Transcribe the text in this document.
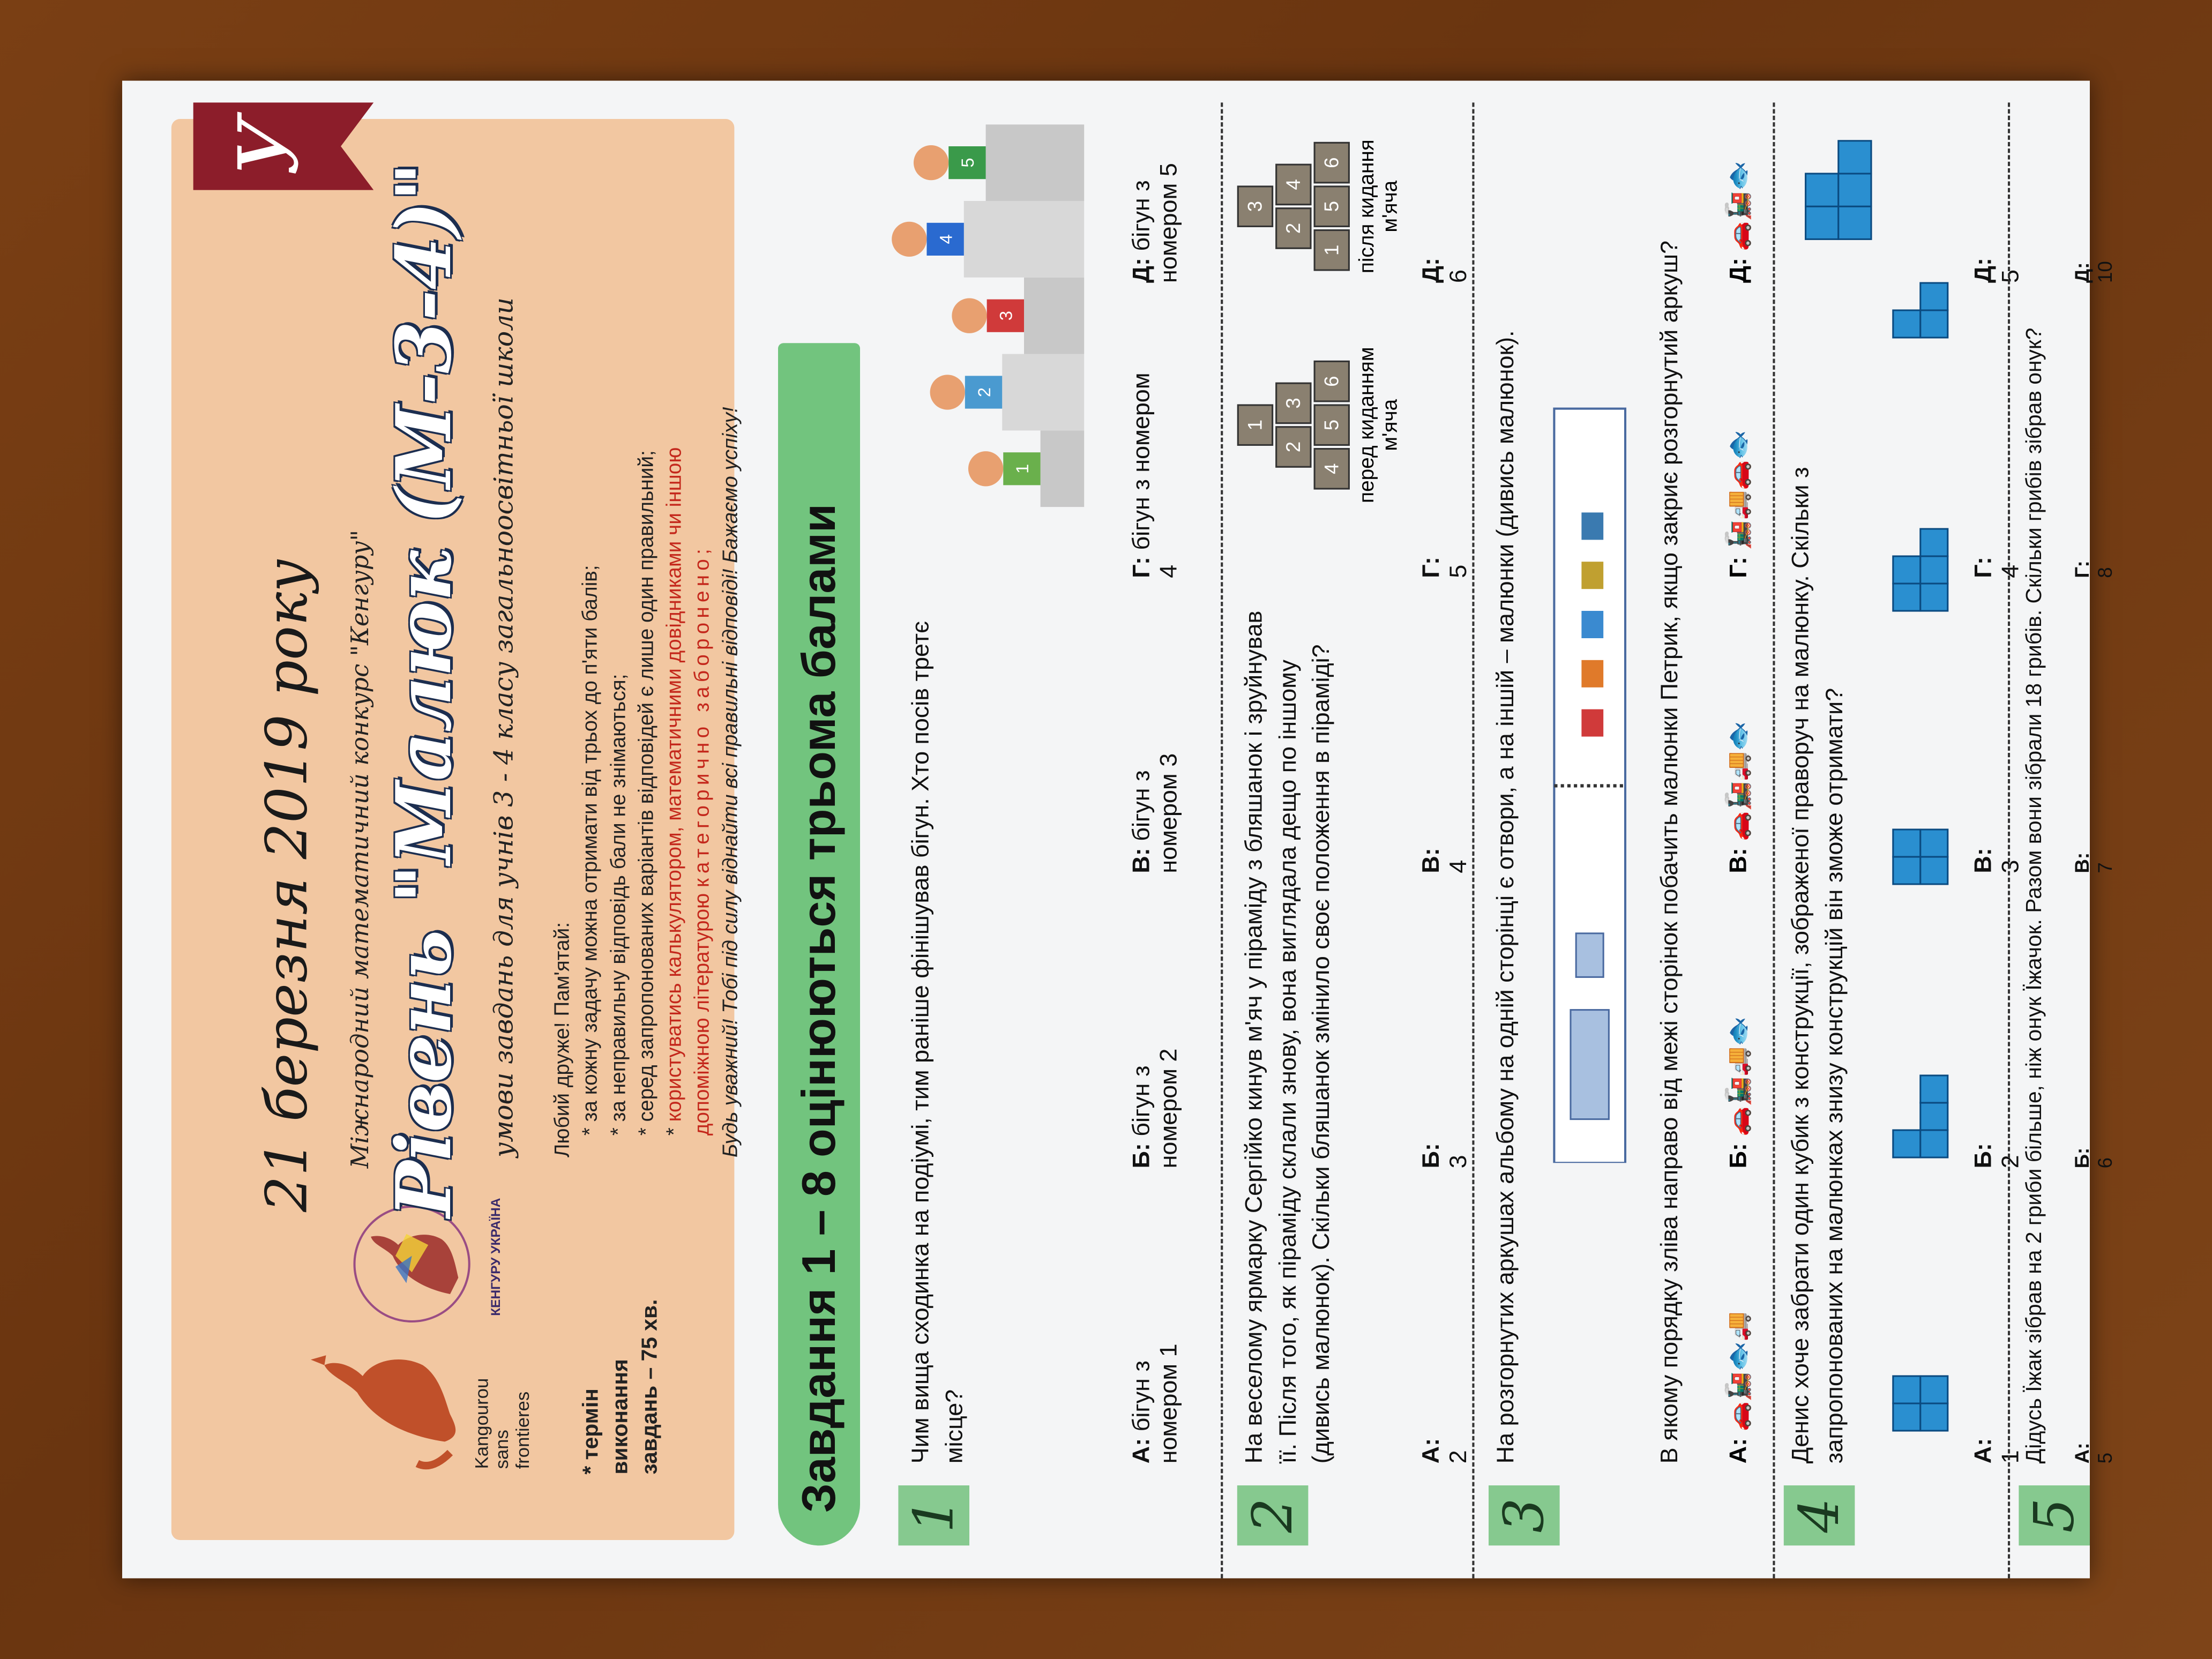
У
Kangourou sans frontieres
КЕНГУРУ УКРАЇНА
* термін виконання завдань – 75 хв.
21 березня 2019 року Міжнародний математичний конкурс "Кенгуру" Рівень "Малюк (М-3-4)" умови завдань для учнів 3 - 4 класу загальноосвітньої школи Любий друже! Пам'ятай: * за кожну задачу можна отримати від трьох до п'яти балів; * за неправильну відповідь бали не знімаються; * серед запропонованих варіантів відповідей є лише один правильний; * користуватись калькулятором, математичними довідниками чи іншою
допоміжною літературою категорично заборонено; Будь уважний! Тобі під силу віднайти всі правильні відповіді! Бажаємо успіху!	Завдання 1 – 8 оцінюються трьома балами
1
Чим вища сходинка на подіумі, тим раніше фінішував бігун. Хто посів третє місце?
1
2
3
4
5
А: бігун з номером 1
Б: бігун з номером 2
В: бігун з номером 3
Г: бігун з номером 4
Д: бігун з номером 5
2
На веселому ярмарку Сергійко кинув м'яч у піраміду з бляшанок і зруйнував її. Після того, як піраміду склали знову, вона виглядала дещо по іншому (дивись малюнок). Скільки бляшанок змінило своє положення в піраміді?
1
2
3
4
5
6 перед киданням м'яча
3
2
4
1
5
6 після кидання м'яча
А: 2
Б: 3
В: 4
Г: 5
Д: 6
3
На розгорнутих аркушах альбому на одній сторінці є отвори, а на іншій – малюнки (дивись малюнок).	В якому порядку зліва направо від межі сторінок побачить малюнки Петрик, якщо закриє розгорнутий аркуш? А: 🚗🚂🐟🚚
Б: 🚗🚂🚚🐟
В: 🚗🚂🚚🐟
Г: 🚂🚚🚗🐟
Д: 🚗🚂🐟
4
Денис хоче забрати один кубик з конструкції, зображеної праворуч на малюнку. Скільки з запропонованих на малюнках знизу конструкцій він зможе отримати?	А: 1
Б: 2
В: 3
Г: 4
Д: 5
5
Дідусь Їжак зібрав на 2 гриби більше, ніж онук Їжачок. Разом вони зібрали 18 грибів. Скільки грибів зібрав онук? А: 5
Б: 6
В: 7
Г: 8
Д: 10
